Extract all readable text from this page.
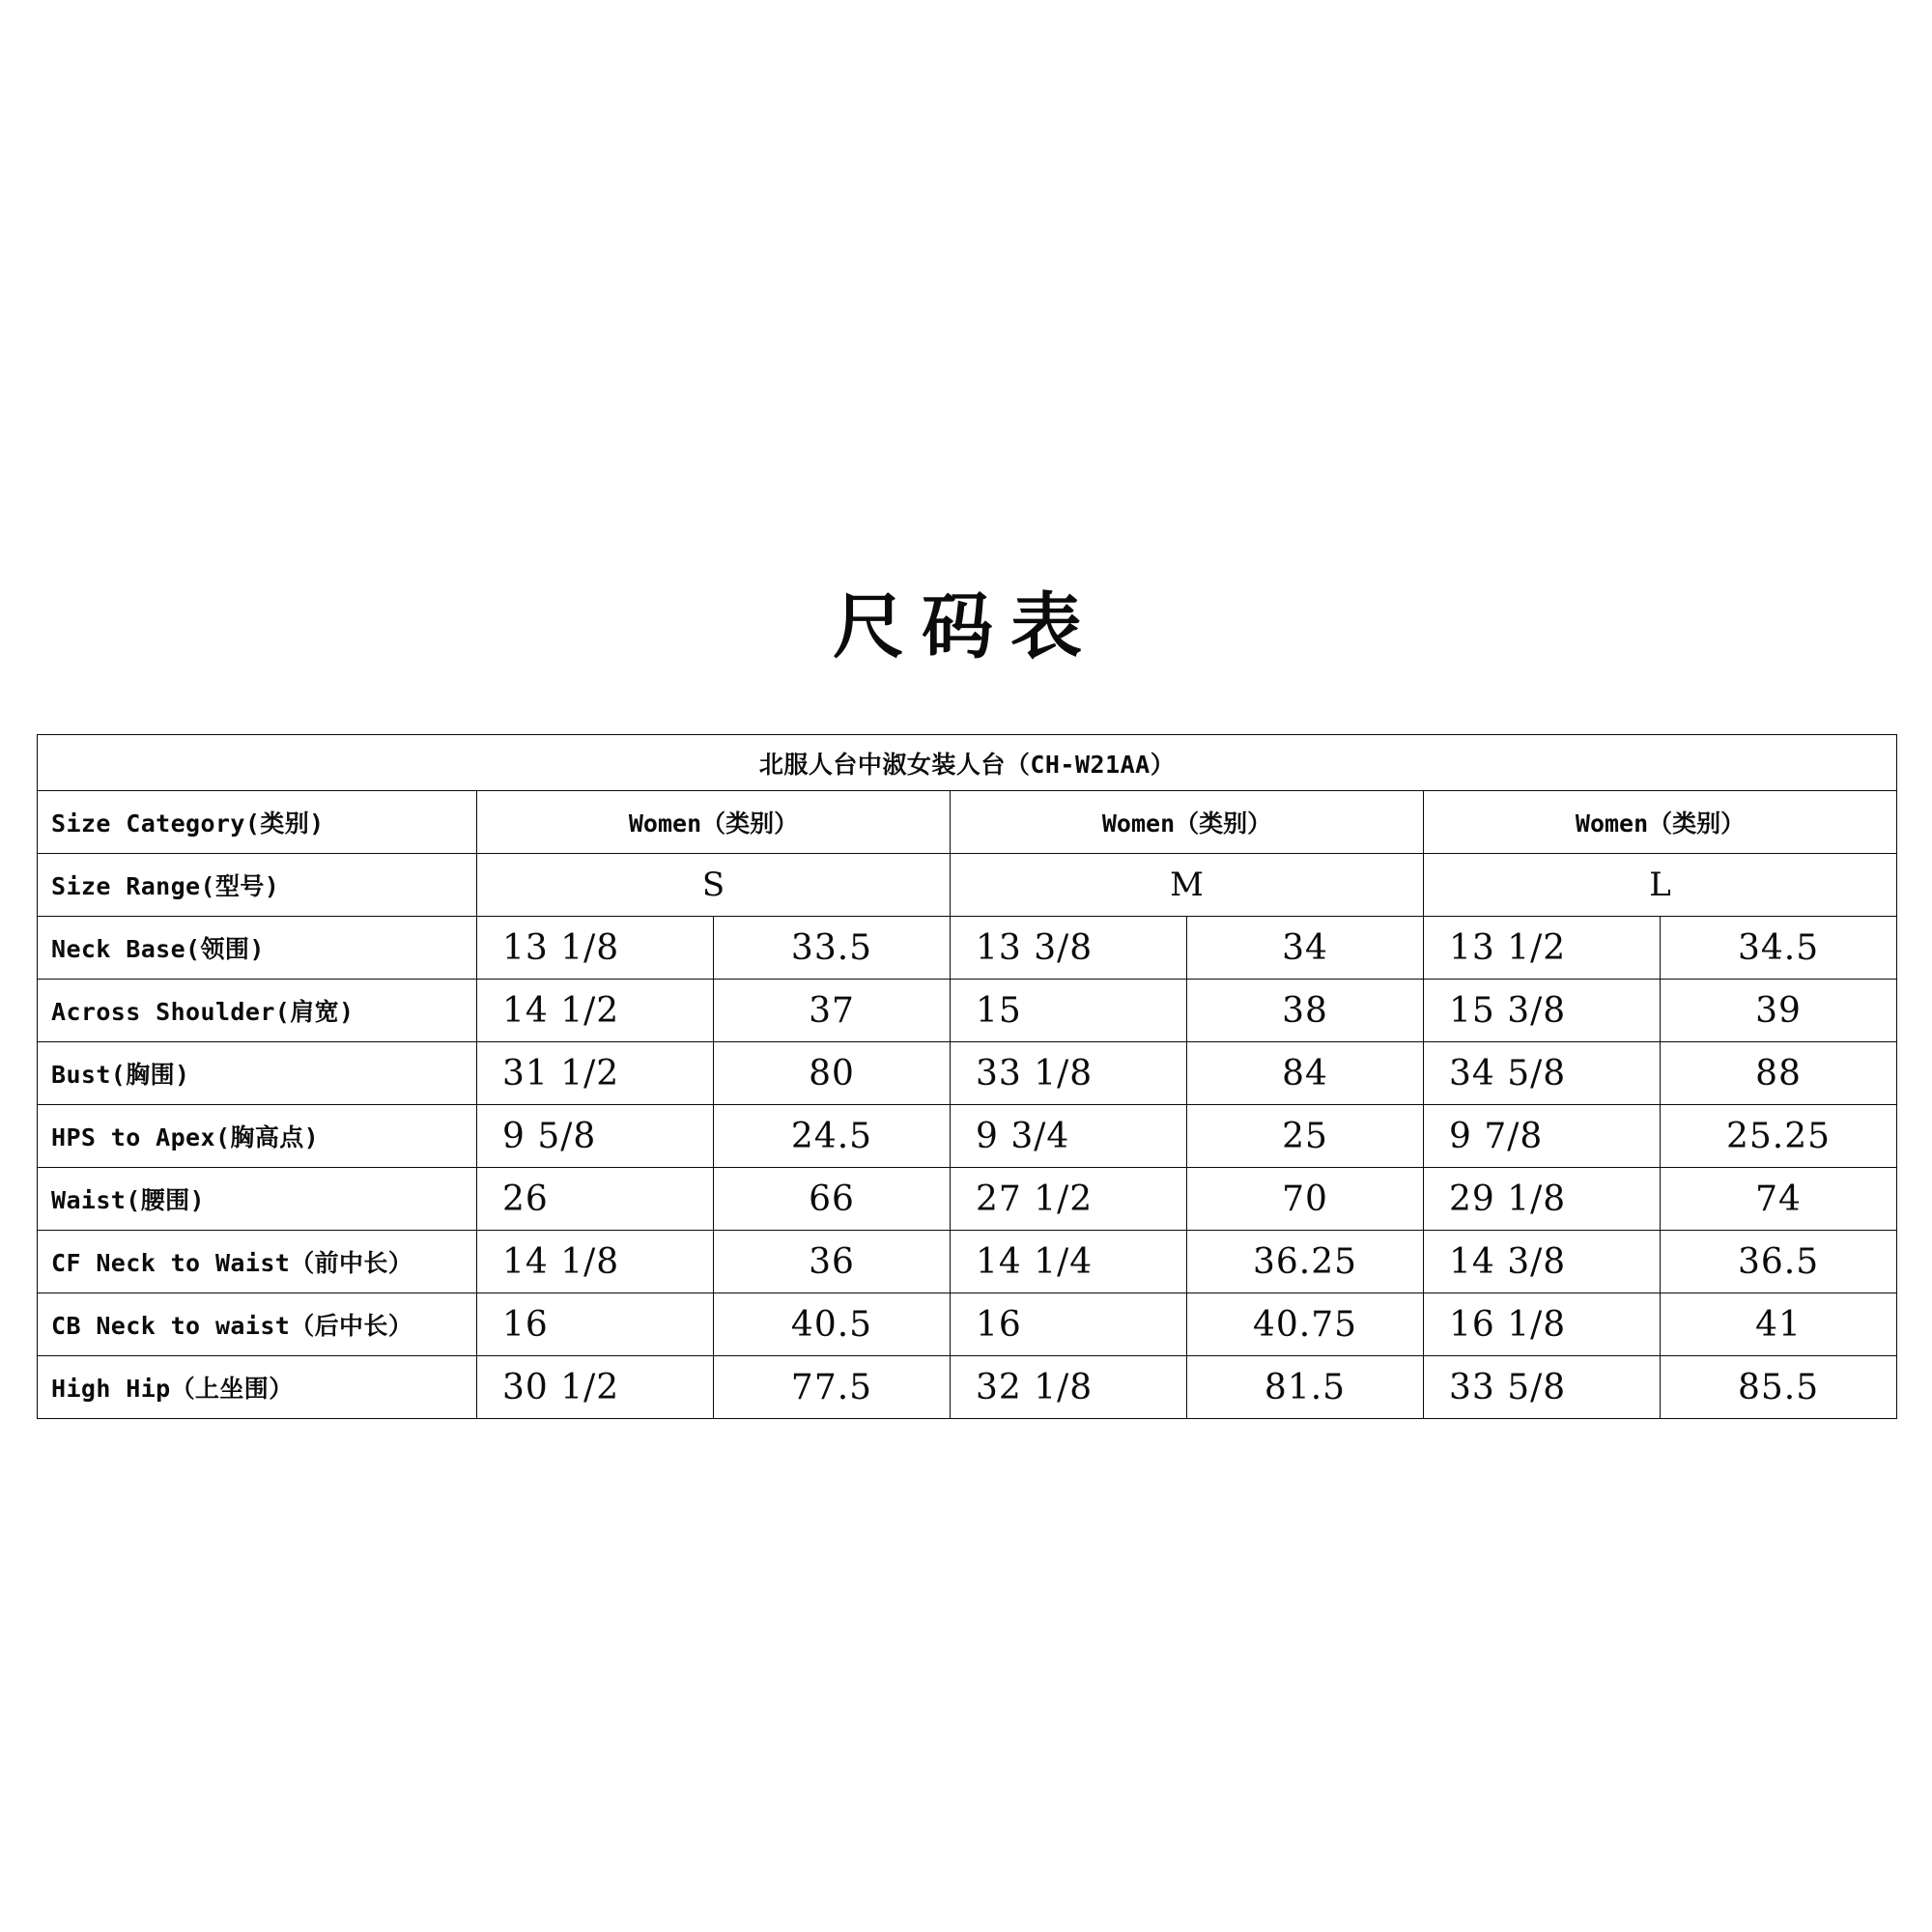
尺码表
北服人台中淑女装人台（CH-W21AA）						
Size Category(类别)	Women（类别）		Women（类别）		Women（类别）	
Size Range(型号)	S		M		L	
Neck Base(领围)	13 1/8	33.5	13 3/8	34	13 1/2	34.5
Across Shoulder(肩宽)	14 1/2	37	15	38	15 3/8	39
Bust(胸围)	31 1/2	80	33 1/8	84	34 5/8	88
HPS to Apex(胸高点)	9 5/8	24.5	9 3/4	25	9 7/8	25.25
Waist(腰围)	26	66	27 1/2	70	29 1/8	74
CF Neck to Waist（前中长）	14 1/8	36	14 1/4	36.25	14 3/8	36.5
CB Neck to waist（后中长）	16	40.5	16	40.75	16 1/8	41
High Hip（上坐围）	30 1/2	77.5	32 1/8	81.5	33 5/8	85.5
